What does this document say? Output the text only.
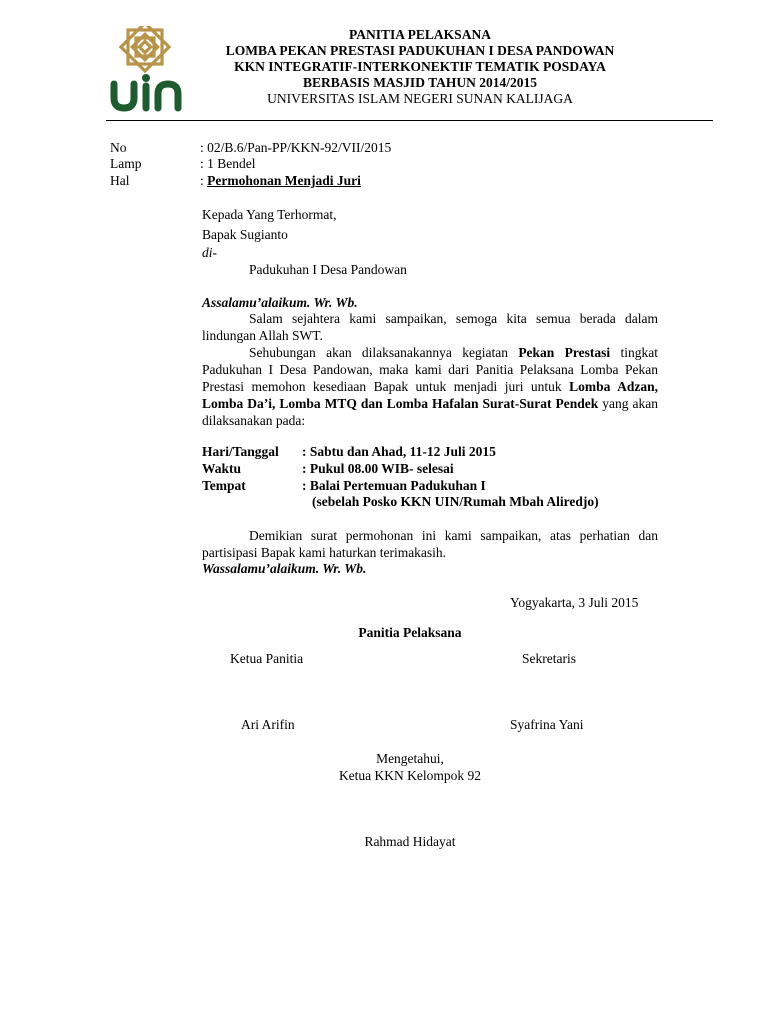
PANITIA PELAKSANA
LOMBA PEKAN PRESTASI PADUKUHAN I DESA PANDOWAN
KKN INTEGRATIF-INTERKONEKTIF TEMATIK POSDAYA
BERBASIS MASJID TAHUN 2014/2015
UNIVERSITAS ISLAM NEGERI SUNAN KALIJAGA
No	: 02/B.6/Pan-PP/KKN-92/VII/2015
Lamp	: 1 Bendel
Hal	: Permohonan Menjadi Juri
Kepada Yang Terhormat,
Bapak Sugianto
di-
Padukuhan I Desa Pandowan
Assalamu’alaikum. Wr. Wb.
Salam sejahtera kami sampaikan, semoga kita semua berada dalam lindungan Allah SWT.
Sehubungan akan dilaksanakannya kegiatan Pekan Prestasi tingkat Padukuhan I Desa Pandowan, maka kami dari Panitia Pelaksana Lomba Pekan Prestasi memohon kesediaan Bapak untuk menjadi juri untuk Lomba Adzan, Lomba Da’i, Lomba MTQ dan Lomba Hafalan Surat-Surat Pendek yang akan dilaksanakan pada:
Hari/Tanggal : Sabtu dan Ahad, 11-12 Juli 2015
Waktu	: Pukul 08.00 WIB- selesai
Tempat	: Balai Pertemuan Padukuhan I
(sebelah Posko KKN UIN/Rumah Mbah Aliredjo)
Demikian surat permohonan ini kami sampaikan, atas perhatian dan partisipasi Bapak kami haturkan terimakasih.
Wassalamu’alaikum. Wr. Wb.
Yogyakarta, 3 Juli 2015
Panitia Pelaksana
Ketua Panitia	Sekretaris
Ari Arifin	Syafrina Yani
Mengetahui,
Ketua KKN Kelompok 92
Rahmad Hidayat
